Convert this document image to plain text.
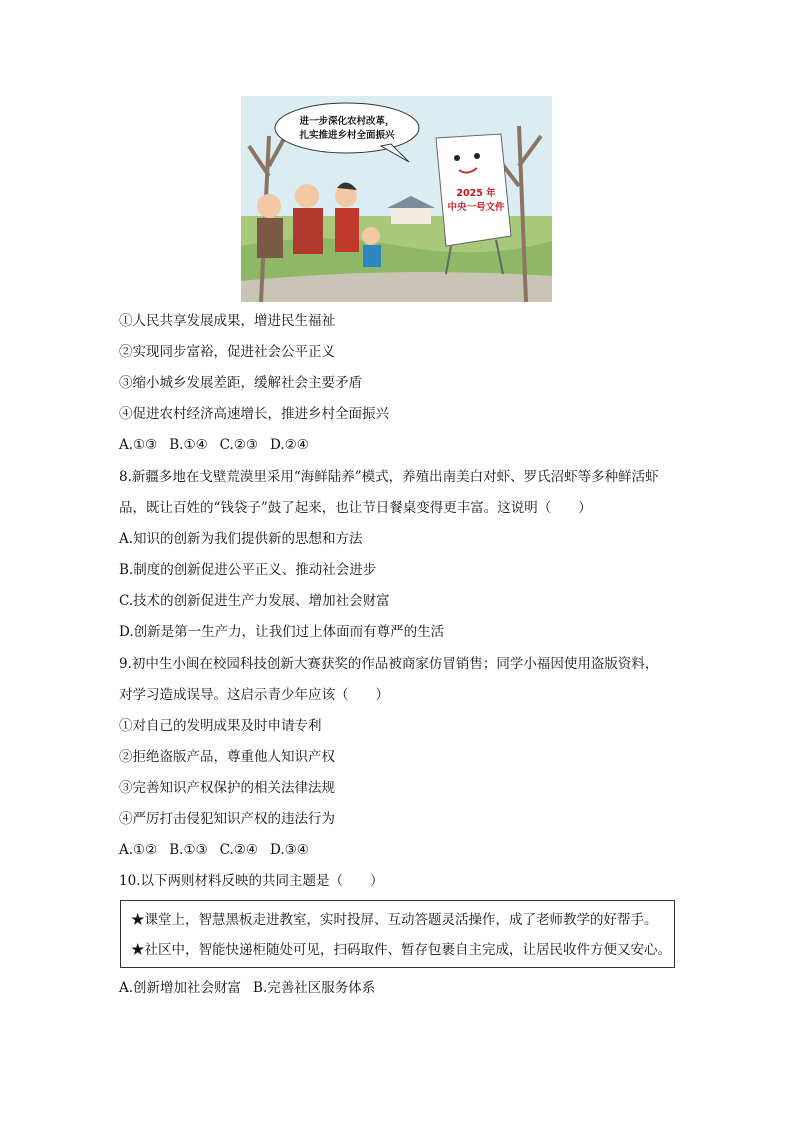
进一步深化农村改革，
扎实推进乡村全面振兴
2025 年
中央一号文件
①人民共享发展成果，增进民生福祉
②实现同步富裕，促进社会公平正义
③缩小城乡发展差距，缓解社会主要矛盾
④促进农村经济高速增长，推进乡村全面振兴
A.①③ B.①④ C.②③ D.②④
8.新疆多地在戈壁荒漠里采用“海鲜陆养”模式，养殖出南美白对虾、罗氏沼虾等多种鲜活虾
品，既让百姓的“钱袋子”鼓了起来，也让节日餐桌变得更丰富。这说明（　　）
A.知识的创新为我们提供新的思想和方法
B.制度的创新促进公平正义、推动社会进步
C.技术的创新促进生产力发展、增加社会财富
D.创新是第一生产力，让我们过上体面而有尊严的生活
9.初中生小闽在校园科技创新大赛获奖的作品被商家仿冒销售；同学小福因使用盗版资料，
对学习造成误导。这启示青少年应该（　　）
①对自己的发明成果及时申请专利
②拒绝盗版产品，尊重他人知识产权
③完善知识产权保护的相关法律法规
④严厉打击侵犯知识产权的违法行为
A.①② B.①③ C.②④ D.③④
10.以下两则材料反映的共同主题是（　　）
★课堂上，智慧黑板走进教室，实时投屏、互动答题灵活操作，成了老师教学的好帮手。
★社区中，智能快递柜随处可见，扫码取件、暂存包裹自主完成，让居民收件方便又安心。
A.创新增加社会财富 B.完善社区服务体系
